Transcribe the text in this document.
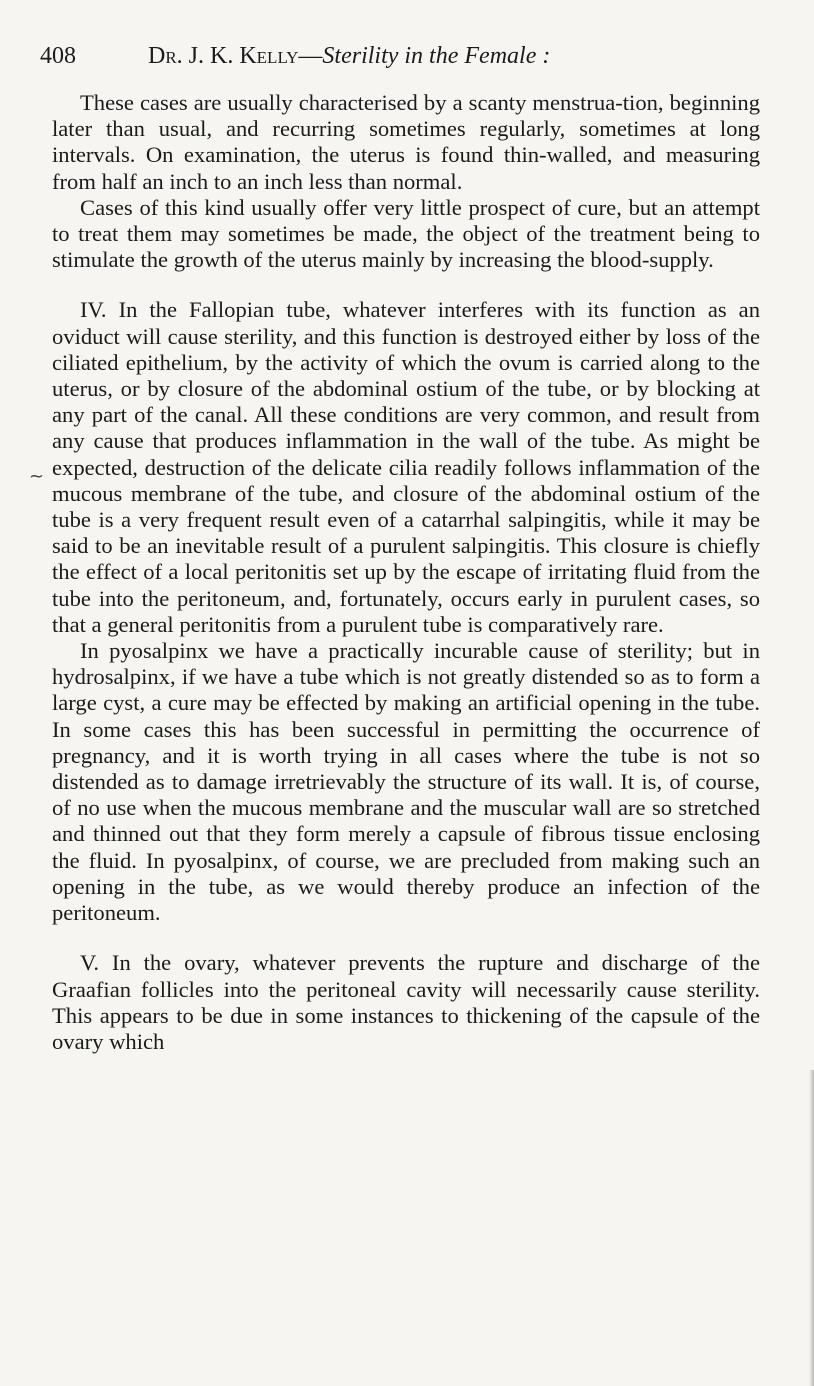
408	Dr. J. K. Kelly—Sterility in the Female :
~

These cases are usually characterised by a scanty menstrua-tion, beginning later than usual, and recurring sometimes regularly, sometimes at long intervals. On examination, the uterus is found thin-walled, and measuring from half an inch to an inch less than normal.

Cases of this kind usually offer very little prospect of cure, but an attempt to treat them may sometimes be made, the object of the treatment being to stimulate the growth of the uterus mainly by increasing the blood-supply.

IV. In the Fallopian tube, whatever interferes with its function as an oviduct will cause sterility, and this function is destroyed either by loss of the ciliated epithelium, by the activity of which the ovum is carried along to the uterus, or by closure of the abdominal ostium of the tube, or by blocking at any part of the canal. All these conditions are very common, and result from any cause that produces inflammation in the wall of the tube. As might be expected, destruction of the delicate cilia readily follows inflammation of the mucous membrane of the tube, and closure of the abdominal ostium of the tube is a very frequent result even of a catarrhal salpingitis, while it may be said to be an inevitable result of a purulent salpingitis. This closure is chiefly the effect of a local peritonitis set up by the escape of irritating fluid from the tube into the peritoneum, and, fortunately, occurs early in purulent cases, so that a general peritonitis from a purulent tube is comparatively rare.

In pyosalpinx we have a practically incurable cause of sterility; but in hydrosalpinx, if we have a tube which is not greatly distended so as to form a large cyst, a cure may be effected by making an artificial opening in the tube. In some cases this has been successful in permitting the occurrence of pregnancy, and it is worth trying in all cases where the tube is not so distended as to damage irretrievably the structure of its wall. It is, of course, of no use when the mucous membrane and the muscular wall are so stretched and thinned out that they form merely a capsule of fibrous tissue enclosing the fluid. In pyosalpinx, of course, we are precluded from making such an opening in the tube, as we would thereby produce an infection of the peritoneum.

V. In the ovary, whatever prevents the rupture and discharge of the Graafian follicles into the peritoneal cavity will necessarily cause sterility. This appears to be due in some instances to thickening of the capsule of the ovary which
